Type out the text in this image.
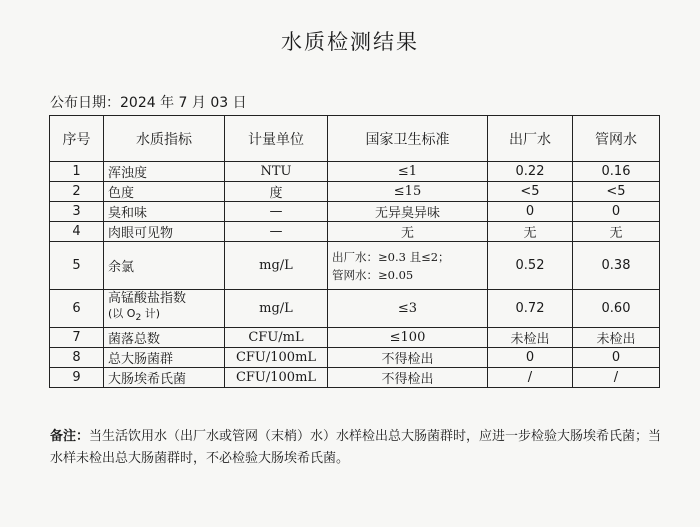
水质检测结果
公布日期：2024 年 7 月 03 日
序号	水质指标	计量单位	国家卫生标准	出厂水	管网水
1	浑浊度	NTU	≤1	0.22	0.16
2	色度	度	≤15	<5	<5
3	臭和味	—	无异臭异味	0	0
4	肉眼可见物	—	无	无	无
5	余氯	mg/L	出厂水：≥0.3 且≤2；
管网水：≥0.05	0.52	0.38
6	高锰酸盐指数
(以 $O_2$ 计)	mg/L	≤3	0.72	0.60
7	菌落总数	CFU/mL	≤100	未检出	未检出
8	总大肠菌群	CFU/100mL	不得检出	0	0
9	大肠埃希氏菌	CFU/100mL	不得检出	/	/
备注：当生活饮用水（出厂水或管网（末梢）水）水样检出总大肠菌群时，应进一步检验大肠埃希氏菌；当水样未检出总大肠菌群时，不必检验大肠埃希氏菌。
